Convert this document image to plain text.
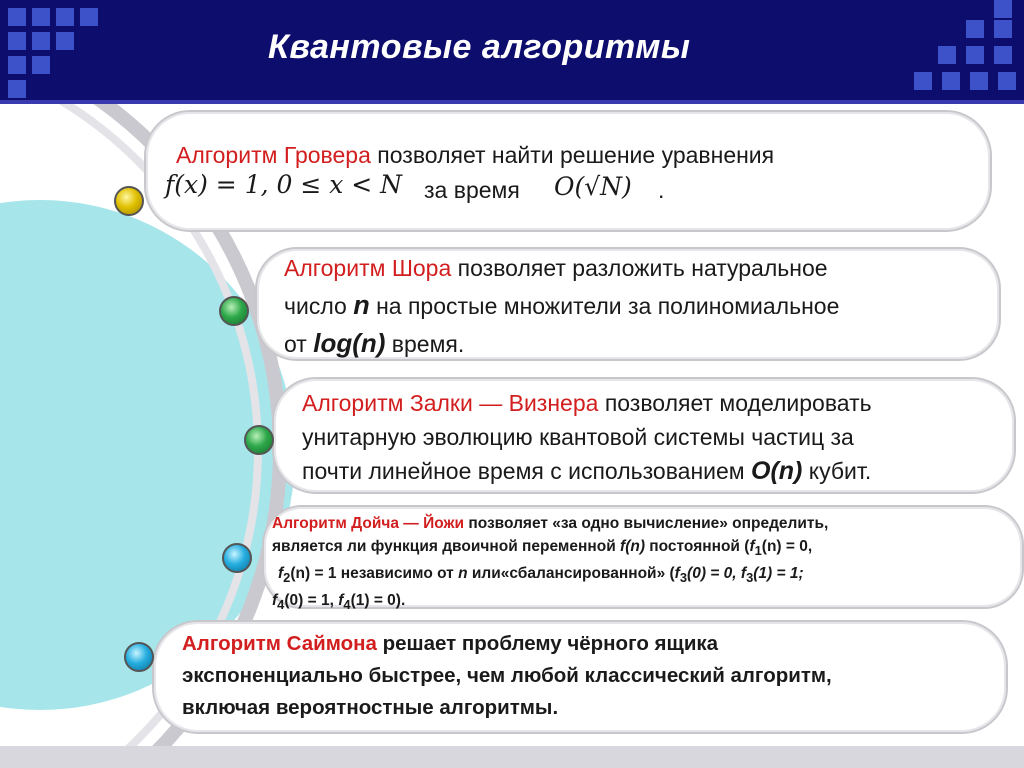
Квантовые алгоритмы
Алгоритм Гровера позволяет найти решение уравнения
f(x) = 1, 0 ≤ x < N за время O(√N) .
Алгоритм Шора позволяет разложить натуральное
число n на простые множители за полиномиальное
от log(n) время.
Алгоритм Залки — Визнера позволяет моделировать
унитарную эволюцию квантовой системы частиц за
почти линейное время с использованием O(n) кубит.
Алгоритм Дойча — Йожи позволяет «за одно вычисление» определить,
является ли функция двоичной переменной f(n) постоянной ($f_1(n) = 0$,
$f_2(n) = 1$ независимо от n или«сбалансированной» ($f_3(0) = 0$, $f_3(1) = 1$;
$f_4(0) = 1$, $f_4(1) = 0$).
Алгоритм Саймона решает проблему чёрного ящика
экспоненциально быстрее, чем любой классический алгоритм,
включая вероятностные алгоритмы.
